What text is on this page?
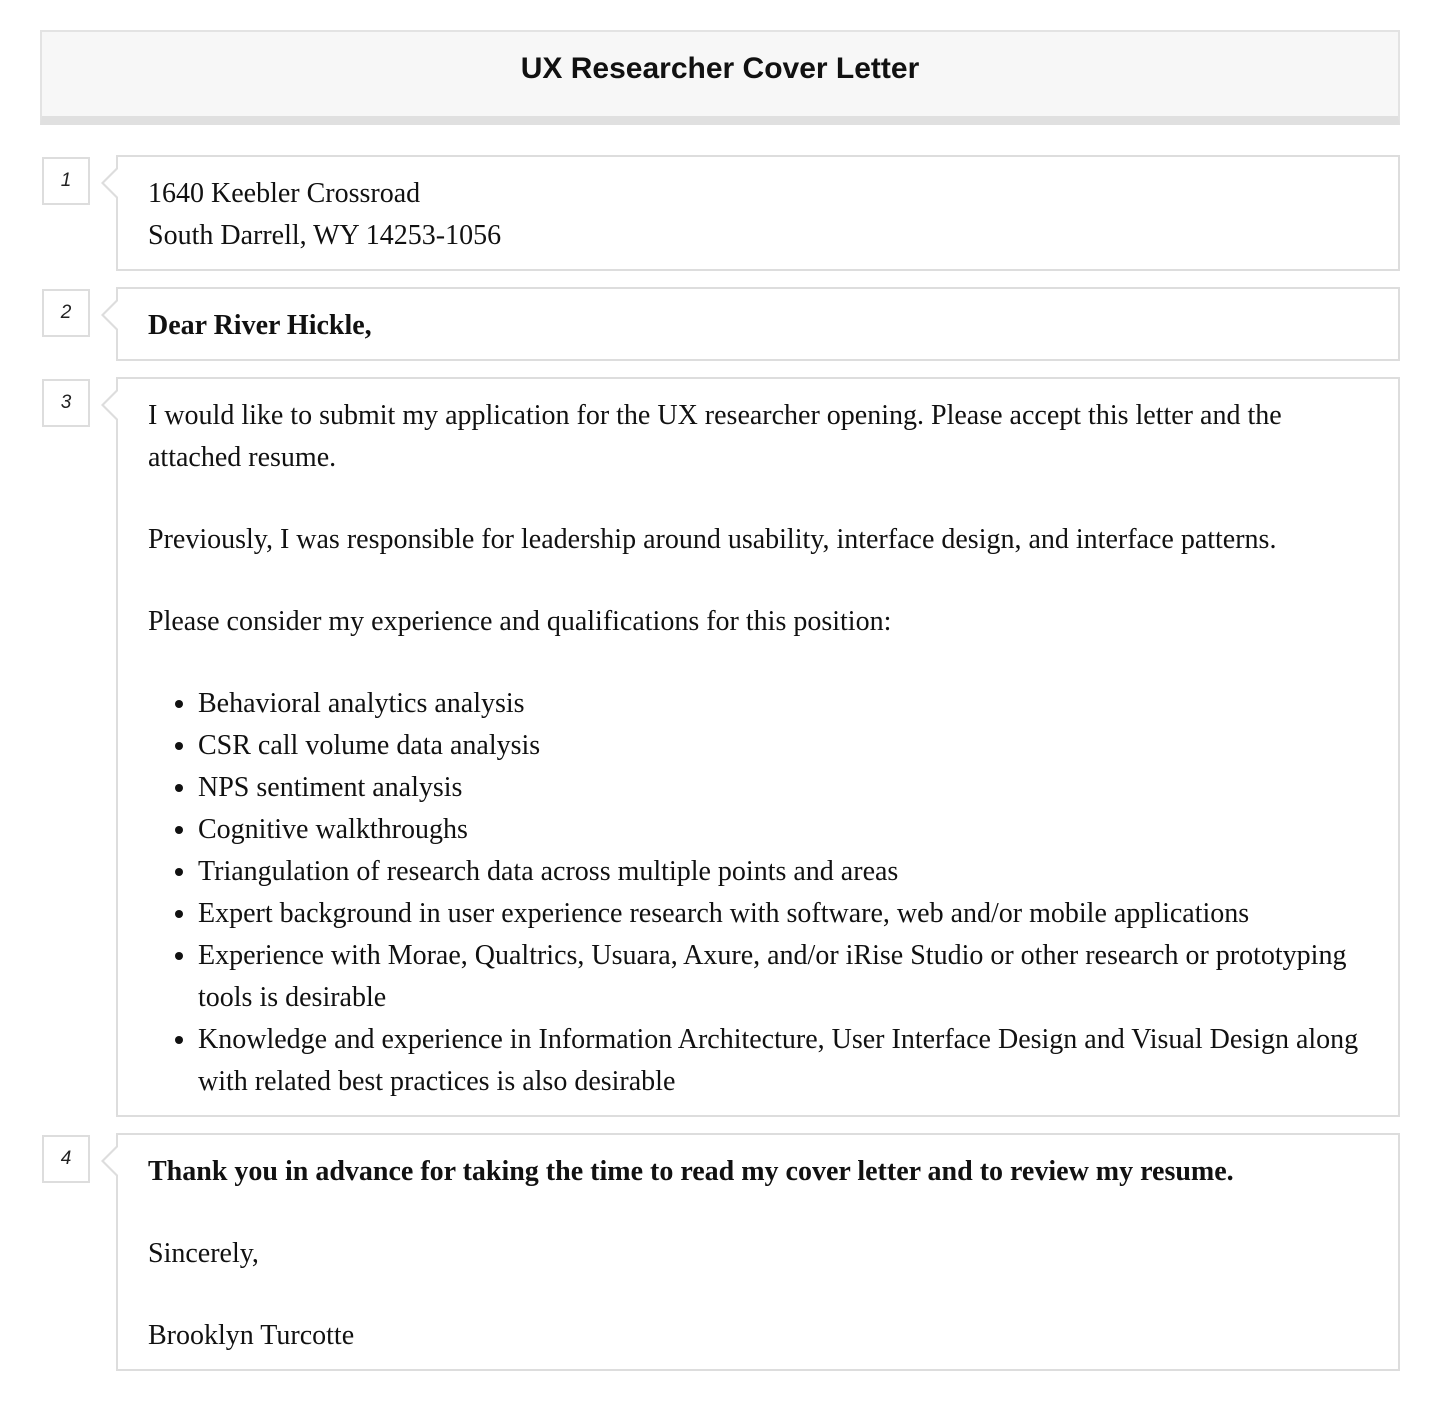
UX Researcher Cover Letter
1	1640 Keebler Crossroad

South Darrell, WY 14253-1056

2	Dear River Hickle,

3	I would like to submit my application for the UX researcher opening. Please accept this letter and the attached resume.

Previously, I was responsible for leadership around usability, interface design, and interface patterns.

Please consider my experience and qualifications for this position:

• Behavioral analytics analysis
• CSR call volume data analysis
• NPS sentiment analysis
• Cognitive walkthroughs
• Triangulation of research data across multiple points and areas
• Expert background in user experience research with software, web and/or mobile applications
• Experience with Morae, Qualtrics, Usuara, Axure, and/or iRise Studio or other research or prototyping tools is desirable
• Knowledge and experience in Information Architecture, User Interface Design and Visual Design along with related best practices is also desirable
4	Thank you in advance for taking the time to read my cover letter and to review my resume.

Sincerely,

Brooklyn Turcotte
